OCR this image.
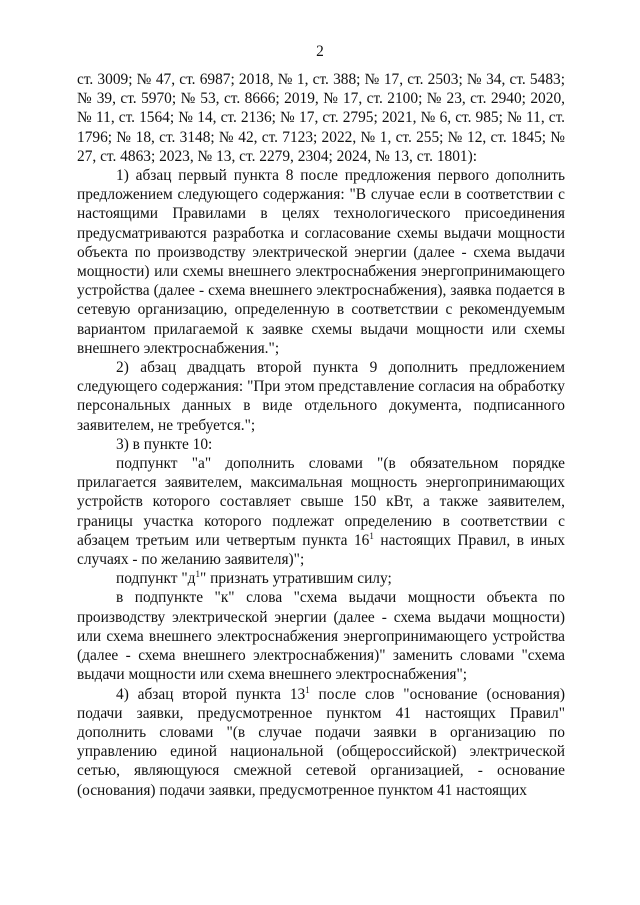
2

ст. 3009; № 47, ст. 6987; 2018, № 1, ст. 388; № 17, ст. 2503; № 34, ст. 5483; № 39, ст. 5970; № 53, ст. 8666; 2019, № 17, ст. 2100; № 23, ст. 2940; 2020, № 11, ст. 1564; № 14, ст. 2136; № 17, ст. 2795; 2021, № 6, ст. 985; № 11, ст. 1796; № 18, ст. 3148; № 42, ст. 7123; 2022, № 1, ст. 255; № 12, ст. 1845; № 27, ст. 4863; 2023, № 13, ст. 2279, 2304; 2024, № 13, ст. 1801):

1) абзац первый пункта 8 после предложения первого дополнить предложением следующего содержания: "В случае если в соответствии с настоящими Правилами в целях технологического присоединения предусматриваются разработка и согласование схемы выдачи мощности объекта по производству электрической энергии (далее - схема выдачи мощности) или схемы внешнего электроснабжения энергопринимающего устройства (далее - схема внешнего электроснабжения), заявка подается в сетевую организацию, определенную в соответствии с рекомендуемым вариантом прилагаемой к заявке схемы выдачи мощности или схемы внешнего электроснабжения.";

2) абзац двадцать второй пункта 9 дополнить предложением следующего содержания: "При этом представление согласия на обработку персональных данных в виде отдельного документа, подписанного заявителем, не требуется.";

3) в пункте 10:

подпункт "а" дополнить словами "(в обязательном порядке прилагается заявителем, максимальная мощность энергопринимающих устройств которого составляет свыше 150 кВт, а также заявителем, границы участка которого подлежат определению в соответствии с абзацем третьим или четвертым пункта $16^1$ настоящих Правил, в иных случаях - по желанию заявителя)";

подпункт "$д^1$" признать утратившим силу;

в подпункте "к" слова "схема выдачи мощности объекта по производству электрической энергии (далее - схема выдачи мощности) или схема внешнего электроснабжения энергопринимающего устройства (далее - схема внешнего электроснабжения)" заменить словами "схема выдачи мощности или схема внешнего электроснабжения";

4) абзац второй пункта $13^1$ после слов "основание (основания) подачи заявки, предусмотренное пунктом 41 настоящих Правил" дополнить словами "(в случае подачи заявки в организацию по управлению единой национальной (общероссийской) электрической сетью, являющуюся смежной сетевой организацией, - основание (основания) подачи заявки, предусмотренное пунктом 41 настоящих
